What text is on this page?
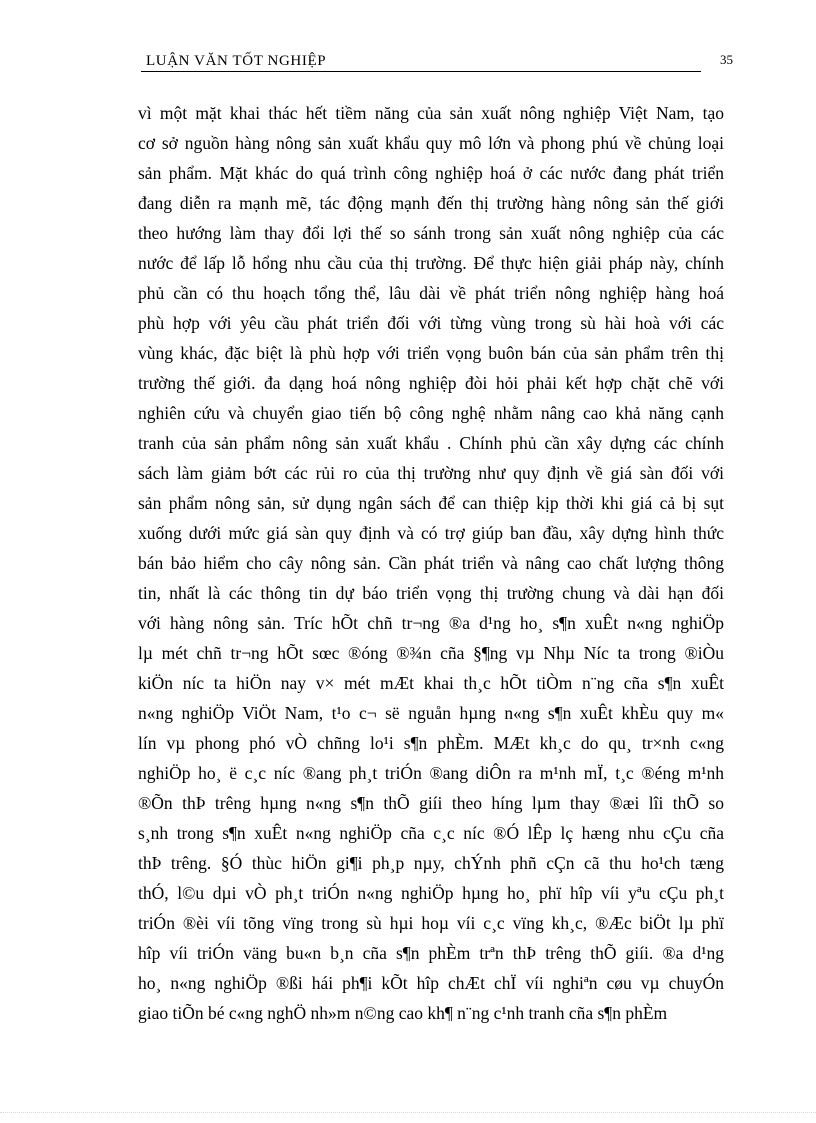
LUẬN VĂN TỐT NGHIỆP	35
vì một mặt khai thác hết tiềm năng của sản xuất nông nghiệp Việt Nam, tạo
cơ sở nguồn hàng nông sản xuất khẩu quy mô lớn và phong phú về chủng loại
sản phẩm. Mặt khác do quá trình công nghiệp hoá ở các nước đang phát triển
đang diễn ra mạnh mẽ, tác động mạnh đến thị trường hàng nông sản thế giới
theo hướng làm thay đổi lợi thế so sánh trong sản xuất nông nghiệp của các
nước để lấp lỗ hổng nhu cầu của thị trường. Để thực hiện giải pháp này, chính
phủ cần có thu hoạch tổng thể, lâu dài về phát triển nông nghiệp hàng hoá
phù hợp với yêu cầu phát triển đối với từng vùng trong sù hài hoà với các
vùng khác, đặc biệt là phù hợp với triển vọng buôn bán của sản phẩm trên thị
trường thế giới. đa dạng hoá nông nghiệp đòi hỏi phải kết hợp chặt chẽ với
nghiên cứu và chuyển giao tiến bộ công nghệ nhằm nâng cao khả năng cạnh
tranh của sản phẩm nông sản xuất khẩu . Chính phủ cần xây dựng các chính
sách làm giảm bớt các rủi ro của thị trường như quy định về giá sàn đối với
sản phẩm nông sản, sử dụng ngân sách để can thiệp kịp thời khi giá cả bị sụt
xuống dưới mức giá sàn quy định và có trợ giúp ban đầu, xây dựng hình thức
bán bảo hiểm cho cây nông sản. Cần phát triển và nâng cao chất lượng thông
tin, nhất là các thông tin dự báo triển vọng thị trường chung và dài hạn đối
với hàng nông sản. Tríc hÕt chñ tr¬ng ®a d¹ng ho¸ s¶n xuÊt n«ng nghiÖp
lµ mét chñ tr¬ng hÕt sœc ®óng ®¾n cña §¶ng vµ Nhµ Níc ta trong ®iÒu
kiÖn níc ta hiÖn nay v× mét mÆt khai th¸c hÕt tiÒm n¨ng cña s¶n xuÊt
n«ng nghiÖp ViÖt Nam, t¹o c¬ së nguån hµng n«ng s¶n xuÊt khÈu quy m«
lín vµ phong phó vÒ chñng lo¹i s¶n phÈm. MÆt kh¸c do qu¸ tr×nh c«ng
nghiÖp ho¸ ë c¸c níc ®ang ph¸t triÓn ®ang diÔn ra m¹nh mÏ, t¸c ®éng m¹nh
®Õn thÞ trêng hµng n«ng s¶n thÕ giíi theo híng lµm thay ®æi lîi thÕ so
s¸nh trong s¶n xuÊt n«ng nghiÖp cña c¸c níc ®Ó lÊp lç hæng nhu cÇu cña
thÞ trêng. §Ó thùc hiÖn gi¶i ph¸p nµy, chÝnh phñ cÇn cã thu ho¹ch tæng
thÓ, l©u dµi vÒ ph¸t triÓn n«ng nghiÖp hµng ho¸ phï hîp víi yªu cÇu ph¸t
triÓn ®èi víi tõng vïng trong sù hµi hoµ víi c¸c vïng kh¸c, ®Æc biÖt lµ phï
hîp víi triÓn väng bu«n b¸n cña s¶n phÈm trªn thÞ trêng thÕ giíi. ®a d¹ng
ho¸ n«ng nghiÖp ®ßi hái ph¶i kÕt hîp chÆt chÏ víi nghiªn cøu vµ chuyÓn
giao tiÕn bé c«ng nghÖ nh»m n©ng cao kh¶ n¨ng c¹nh tranh cña s¶n phÈm
